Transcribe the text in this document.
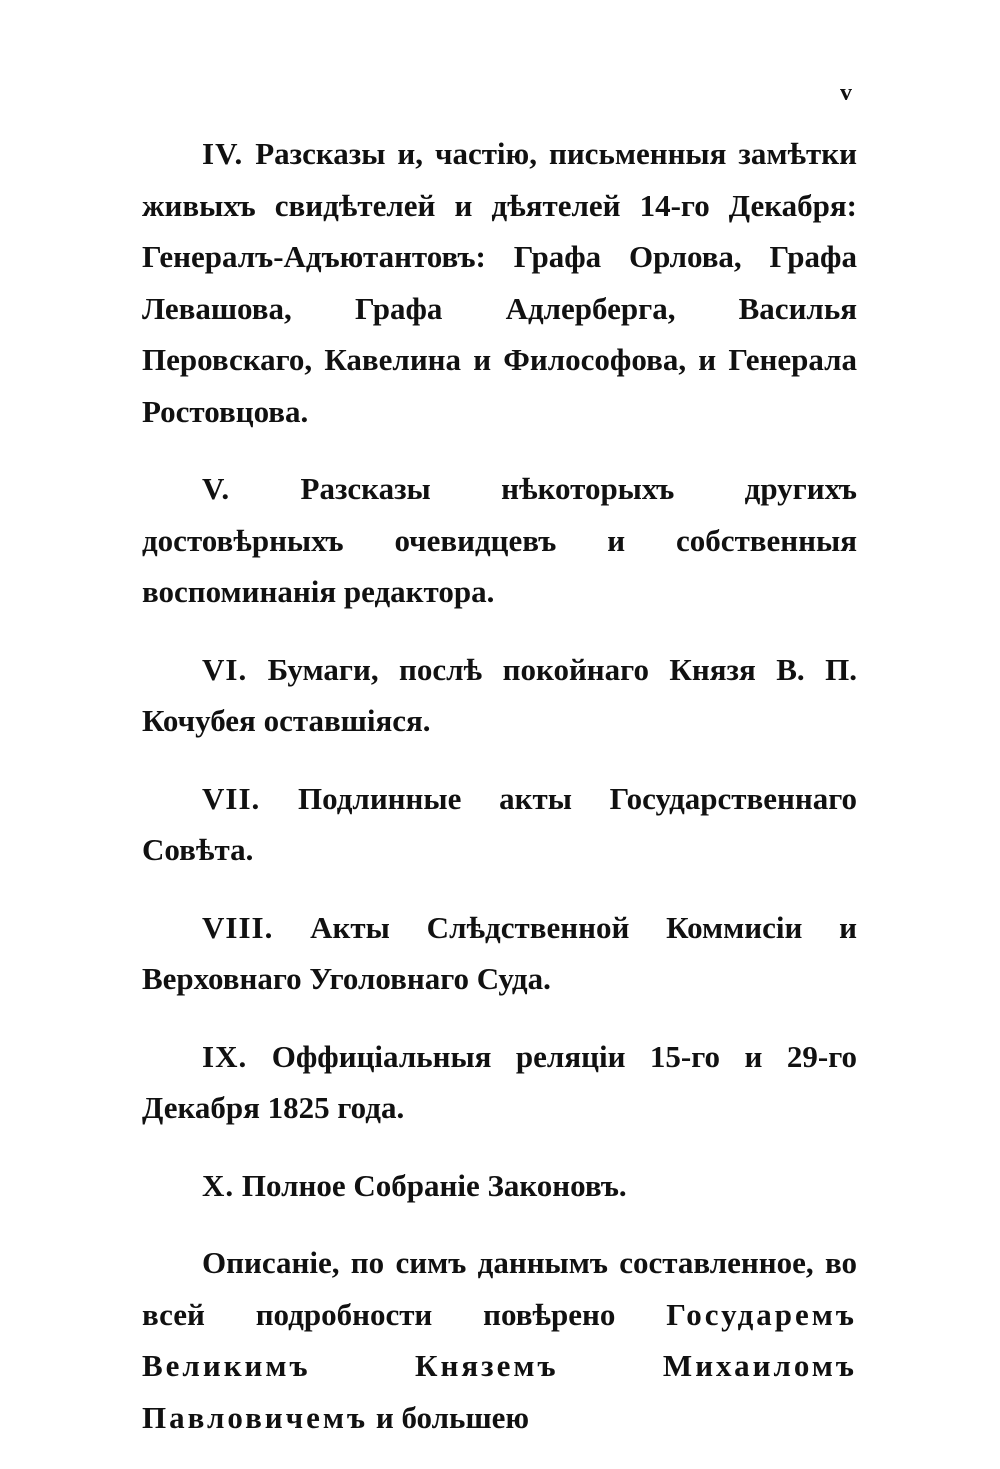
v

IV. Разсказы и, частію, письменныя замѣтки живыхъ свидѣтелей и дѣятелей 14-го Декабря: Генералъ-Адъютантовъ: Графа Орлова, Графа Левашова, Графа Адлерберга, Василья Перовскаго, Кавелина и Философова, и Генерала Ростовцова.

V. Разсказы нѣкоторыхъ другихъ достовѣрныхъ очевидцевъ и собственныя воспоминанія редактора.

VI. Бумаги, послѣ покойнаго Князя В. П. Кочубея оставшіяся.

VII. Подлинные акты Государственнаго Совѣта.

VIII. Акты Слѣдственной Коммисіи и Верховнаго Уголовнаго Суда.

IX. Оффиціальныя реляціи 15-го и 29-го Декабря 1825 года.

X. Полное Собраніе Законовъ.

Описаніе, по симъ даннымъ составленное, во всей подробности повѣрено Государемъ Великимъ Княземъ Михаиломъ Павловичемъ и большею
